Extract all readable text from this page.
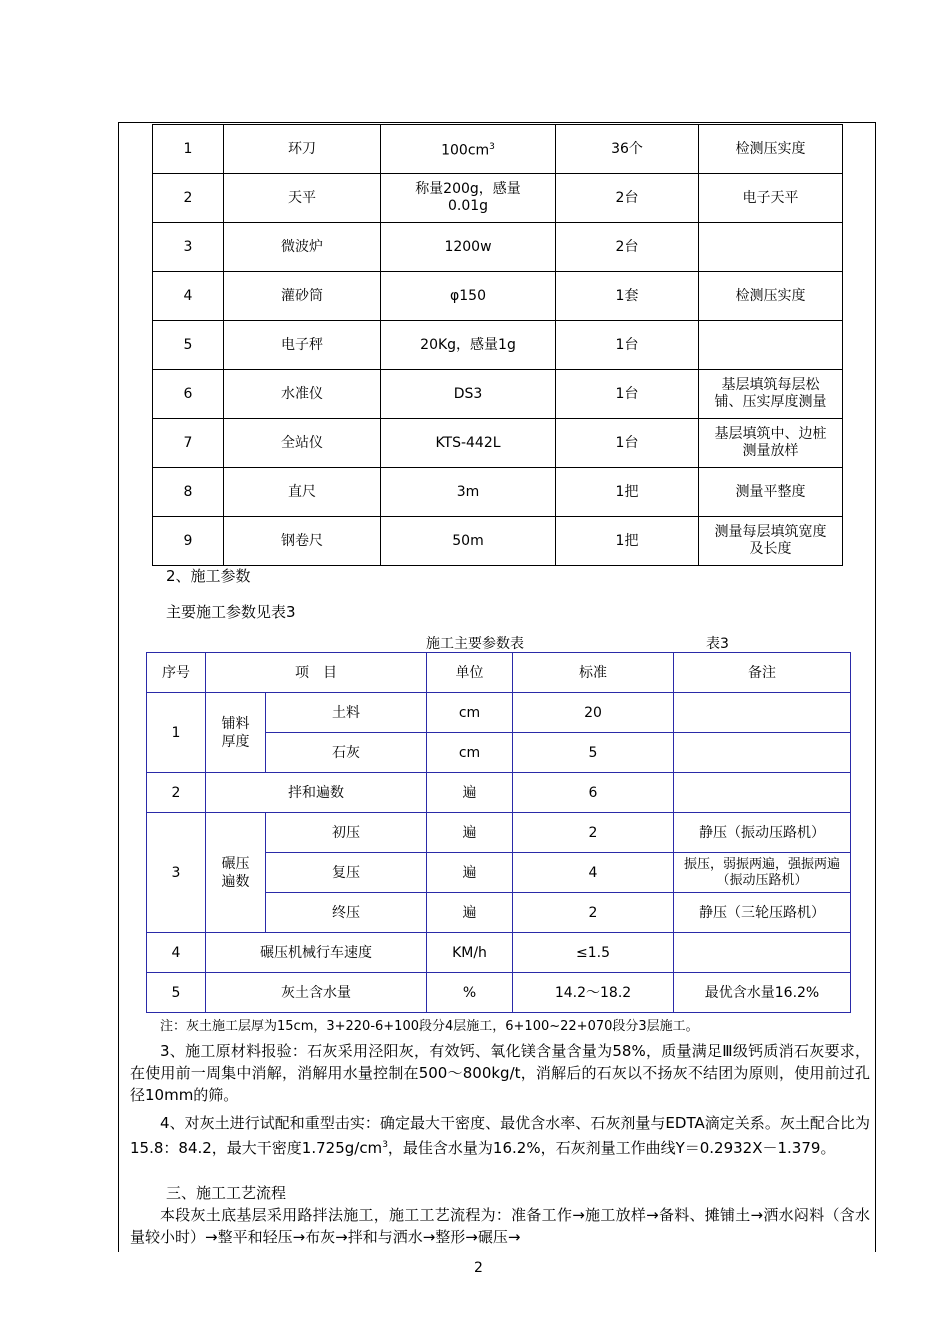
1	环刀	$100cm^3$	36个	检测压实度
2	天平	称量200g，感量0.01g	2台	电子天平
3	微波炉	1200w	2台	
4	灌砂筒	φ150	1套	检测压实度
5	电子秤	20Kg，感量1g	1台	
6	水准仪	DS3	1台	基层填筑每层松铺、压实厚度测量
7	全站仪	KTS-442L	1台	基层填筑中、边桩测量放样
8	直尺	3m	1把	测量平整度
9	钢卷尺	50m	1把	测量每层填筑宽度及长度
2、施工参数
主要施工参数见表3
施工主要参数表	表3
序号	项　目		单位	标准	备注
1	铺料厚度	土料	cm	20	
		石灰	cm	5	
2	拌和遍数		遍	6	
3	碾压遍数	初压	遍	2	静压（振动压路机）
		复压	遍	4	振压，弱振两遍，强振两遍（振动压路机）
		终压	遍	2	静压（三轮压路机）
4	碾压机械行车速度		KM/h	≤1.5	
5	灰土含水量		%	14.2～18.2	最优含水量16.2%
注：灰土施工层厚为15cm，3+220-6+100段分4层施工，6+100~22+070段分3层施工。
3、施工原材料报验：石灰采用泾阳灰，有效钙、氧化镁含量含量为58%，质量满足Ⅲ级钙质消石灰要求，在使用前一周集中消解，消解用水量控制在500～800kg/t，消解后的石灰以不扬灰不结团为原则，使用前过孔径10mm的筛。
4、对灰土进行试配和重型击实：确定最大干密度、最优含水率、石灰剂量与EDTA滴定关系。灰土配合比为15.8：84.2，最大干密度$1.725g/cm^3$，最佳含水量为16.2%，石灰剂量工作曲线Y＝0.2932X－1.379。
三、施工工艺流程
本段灰土底基层采用路拌法施工，施工工艺流程为：准备工作→施工放样→备料、摊铺土→洒水闷料（含水量较小时）→整平和轻压→布灰→拌和与洒水→整形→碾压→
2
